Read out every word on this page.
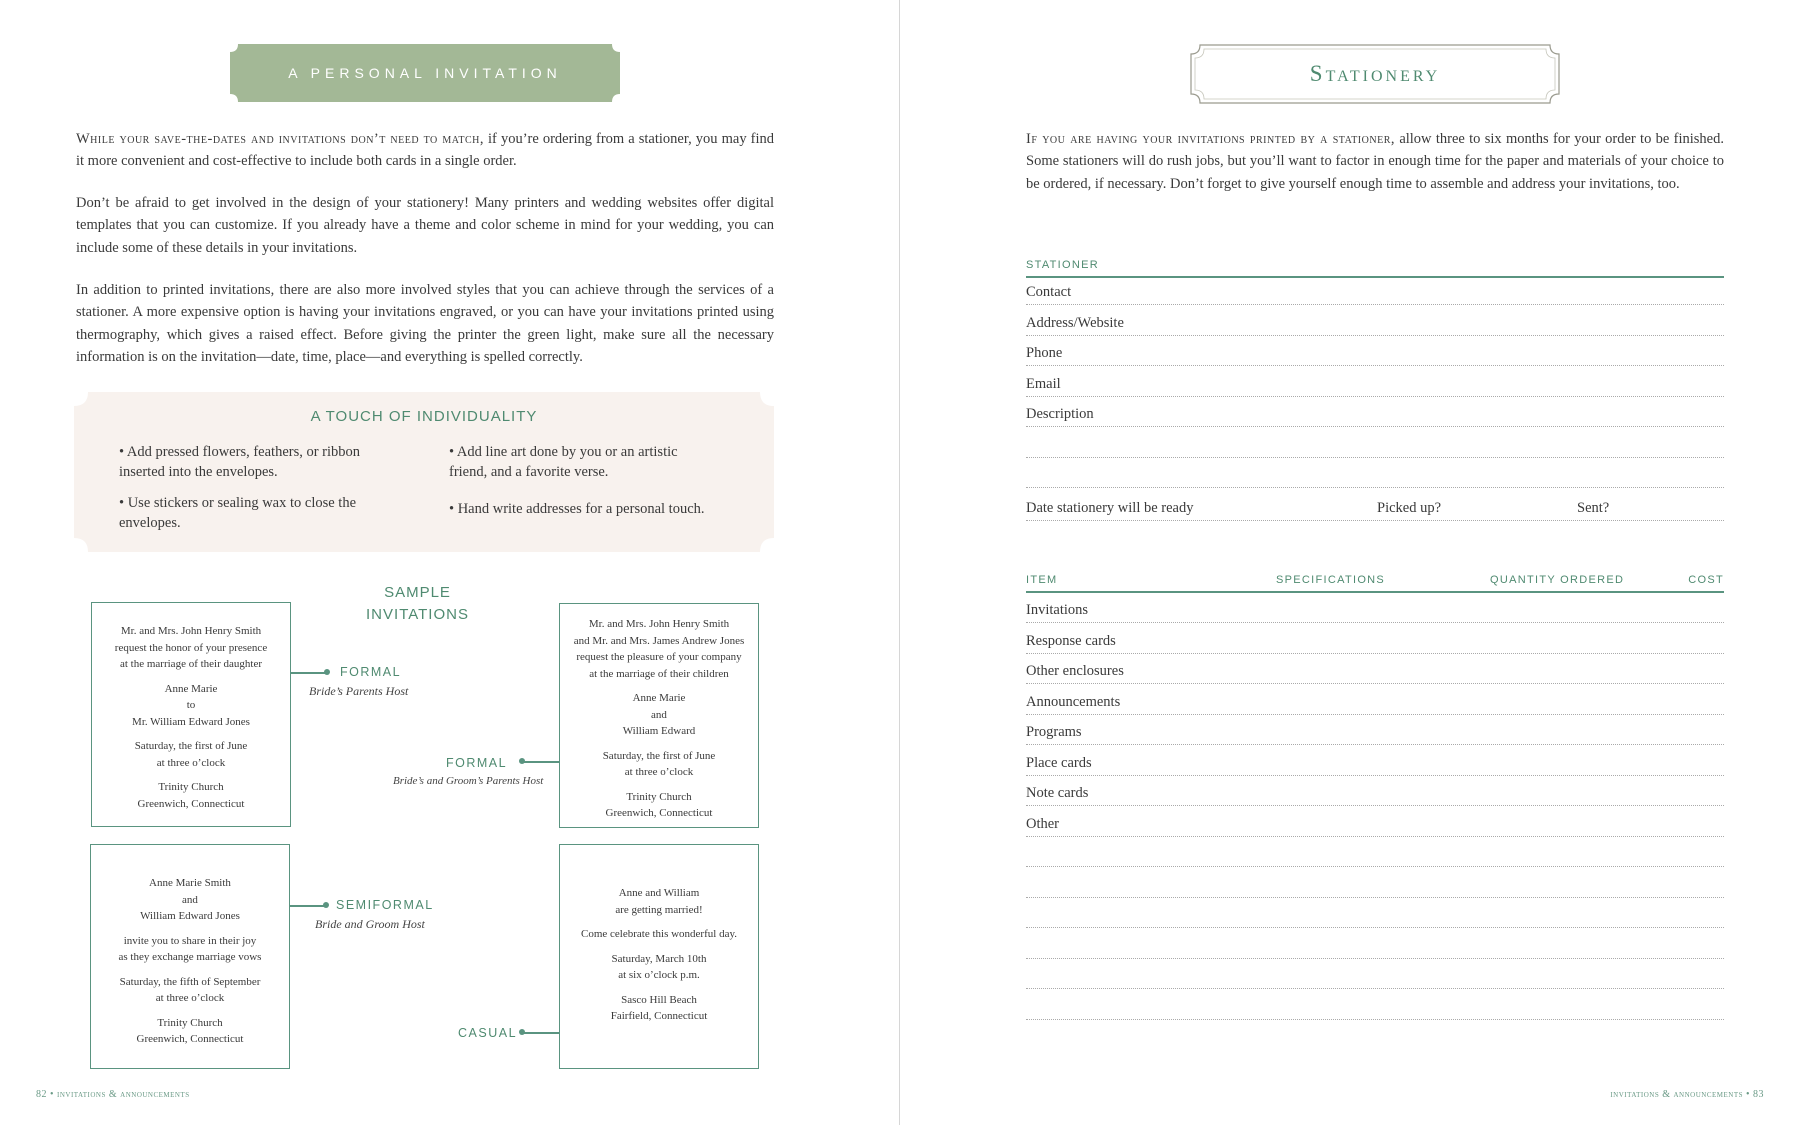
A PERSONAL INVITATION

While your save-the-dates and invitations don’t need to match, if you’re ordering from a stationer, you may find it more convenient and cost-effective to include both cards in a single order.

Don’t be afraid to get involved in the design of your stationery! Many printers and wedding websites offer digital templates that you can customize. If you already have a theme and color scheme in mind for your wedding, you can include some of these details in your invitations.

In addition to printed invitations, there are also more involved styles that you can achieve through the services of a stationer. A more expensive option is having your invitations engraved, or you can have your invitations printed using thermography, which gives a raised effect. Before giving the printer the green light, make sure all the necessary information is on the invitation—date, time, place—and everything is spelled correctly.

A TOUCH OF INDIVIDUALITY
• Add pressed flowers, feathers, or ribbon inserted into the envelopes.
• Use stickers or sealing wax to close the envelopes.
• Add line art done by you or an artistic friend, and a favorite verse.
• Hand write addresses for a personal touch.
SAMPLE
INVITATIONS
Mr. and Mrs. John Henry Smith
request the honor of your presence
at the marriage of their daughter
Anne Marie
to
Mr. William Edward Jones
Saturday, the first of June
at three o’clock
Trinity Church
Greenwich, Connecticut
FORMAL
Bride’s Parents Host
Mr. and Mrs. John Henry Smith
and Mr. and Mrs. James Andrew Jones
request the pleasure of your company
at the marriage of their children
Anne Marie
and
William Edward
Saturday, the first of June
at three o’clock
Trinity Church
Greenwich, Connecticut
FORMAL
Bride’s and Groom’s Parents Host
Anne Marie Smith
and
William Edward Jones
invite you to share in their joy
as they exchange marriage vows
Saturday, the fifth of September
at three o’clock
Trinity Church
Greenwich, Connecticut
SEMIFORMAL
Bride and Groom Host
Anne and William
are getting married!
Come celebrate this wonderful day.
Saturday, March 10th
at six o’clock p.m.
Sasco Hill Beach
Fairfield, Connecticut
CASUAL
82 • invitations & announcements
Stationery

If you are having your invitations printed by a stationer, allow three to six months for your order to be finished. Some stationers will do rush jobs, but you’ll want to factor in enough time for the paper and materials of your choice to be ordered, if necessary. Don’t forget to give yourself enough time to assemble and address your invitations, too.

STATIONER
Contact
Address/Website
Phone
Email
Description
Date stationery will be ready	Picked up?	Sent?
ITEM	SPECIFICATIONS	QUANTITY ORDERED	COST
Invitations
Response cards
Other enclosures
Announcements
Programs
Place cards
Note cards
Other
invitations & announcements • 83
